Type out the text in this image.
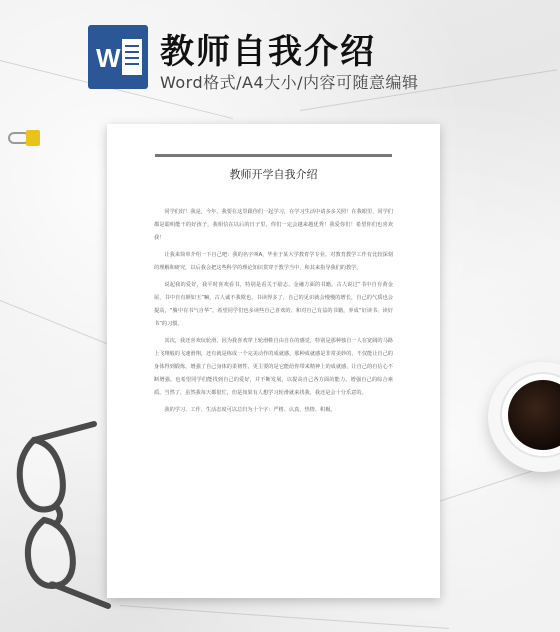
W 教师自我介绍
Word格式/A4大小/内容可随意编辑
教师开学自我介绍

同学们好！我是​，今年，我要在这里跟你们一起学习，在学习生活中请多多关照！在我眼里，同学们都是聪明能干的好孩子，我相信在以后的日子里，你们一定会越来越优秀！我爱你们！希望你们也喜欢我！

让我来简单介绍一下自己吧：我的名字叫A，毕业于某大学教育学专业。对教育教学工作有比较深刻的理解和研究，以后我会把这些科学的理论知识贯穿于教学当中，和其来指导我们的教学。

说起我的爱好，我平时喜欢看书，特别是看关于励志、金融方面的书籍。古人说过“书中自有黄金屋，书中自有颜如玉”嘛，古人诚不我欺也，书读得多了，自己的见识就会慢慢的增长，自己的气质也会提高，“腹中有书气自华”。希望同学们也多读些自己喜欢的、和对自己有益的书籍，养成“好读书、读好书”的习惯。

其次，我还喜欢玩轮滑，因为我喜欢穿上轮滑鞋自由自在的感觉，特别是那种独自一人在宽阔的马路上飞翔般的飞速滑翔，还有就是练成一个完美动作的成就感，那种成就感是非常美妙的，不仅能让自己的身体得到锻炼，增强了自己身体的柔韧性，更主要的是它能给你带来精神上的成就感，让自己的自信心不断增强。也希望同学们能找到自己的爱好，并不断发展，以提高自己各方面的能力，增强自己的综合素质。当然了，虽然我每天都很忙，但是如果有人想学习轮滑就来找我，我还是会十分乐意的。

我的学习、工作、生活态度可以总归为十个字：严格、认真、热情、积极。
